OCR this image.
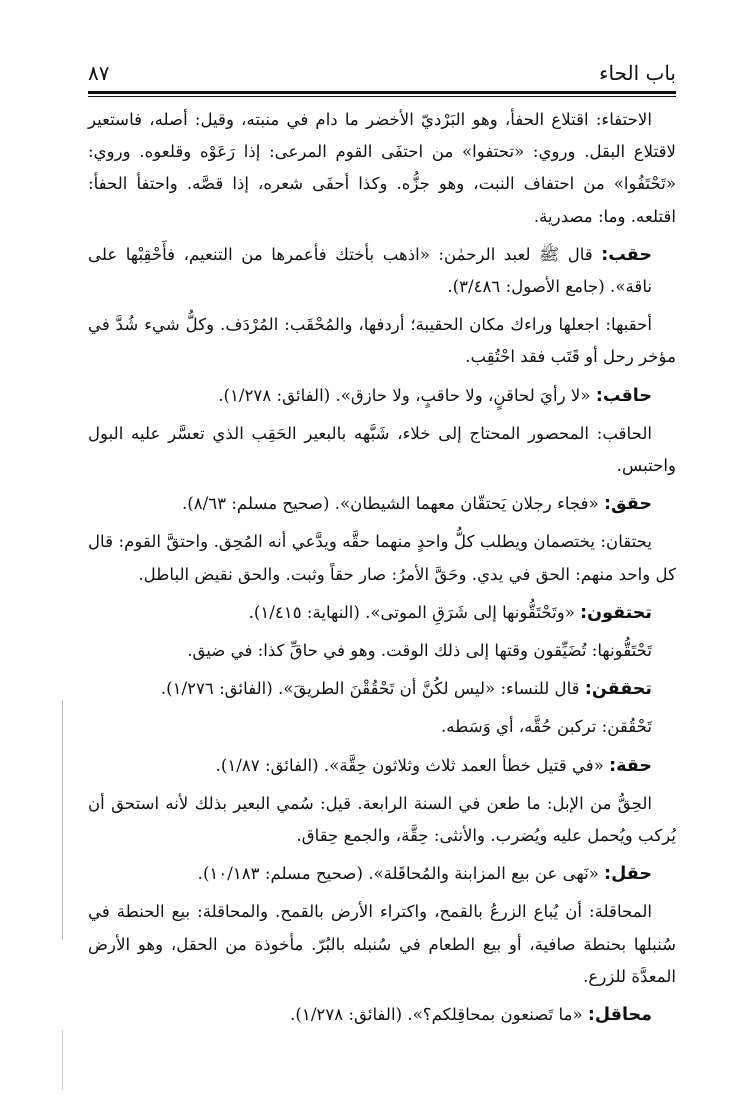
باب الحاء
٨٧

الاحتفاء: اقتلاع الحفأ، وهو البَرْديّ الأخضر ما دام في منبته، وقيل: أصله، فاستعير لاقتلاع البقل. وروي: «تحتفوا» من احتفَى القوم المرعى: إذا رَعَوْه وقلعوه. وروي: «تَحْتَفُوا» من احتفاف النبت، وهو جزُّه. وكذا أحفَى شعره، إذا قصَّه. واحتفأ الحفأ: اقتلعه. وما: مصدرية.

حقب: قال ﷺ لعبد الرحمٰن: «اذهب بأختك فأعمرها من التنعيم، فأَحْقِبْها على ناقة». (جامع الأصول: ٣/٤٨٦).

أحقبها: اجعلها وراءك مكان الحقيبة؛ أردفها، والمُحْقَب: المُرْدَف. وكلُّ شيء شُدَّ في مؤخر رحل أو قَتَب فقد احْتُقِب.

حاقب: «لا رأيَ لحاقنٍ، ولا حاقبٍ، ولا حازق». (الفائق: ١/٢٧٨).

الحاقب: المحصور المحتاج إلى خلاء، شَبَّهه بالبعير الحَقِب الذي تعسَّر عليه البول واحتبس.

حقق: «فجاء رجلان يَحتقّان معهما الشيطان». (صحيح مسلم: ٨/٦٣).

يحتقان: يختصمان ويطلب كلُّ واحدٍ منهما حقَّه ويدَّعي أنه المُحِق. واحتقَّ القوم: قال كل واحد منهم: الحق في يدي. وحَقَّ الأمرُ: صار حقاً وثبت. والحق نقيض الباطل.

تحتقون: «وتَحْتَقُّونها إلى شَرَقِ الموتى». (النهاية: ١/٤١٥).

تَحْتَقُّونها: تُضَيِّقون وقتها إلى ذلك الوقت. وهو في حاقِّ كذا: في ضيق.

تحققن: قال للنساء: «ليس لكُنَّ أن تَحْقُقْنَ الطريقَ». (الفائق: ١/٢٧٦).

تَحْقُقن: تركبن حُقَّه، أي وَسَطه.

حقة: «في قتيل خطأ العمد ثلاث وثلاثون حِقَّة». (الفائق: ١/٨٧).

الحِقُّ من الإبل: ما طعن في السنة الرابعة. قيل: سُمي البعير بذلك لأنه استحق أن يُركب ويُحمل عليه ويُضرب. والأنثى: حِقَّة، والجمع حِقاق.

حقل: «نَهى عن بيع المزابنة والمُحاقَلة». (صحيح مسلم: ١٠/١٨٣).

المحاقلة: أن يُباع الزرعُ بالقمح، واكتراء الأرض بالقمح. والمحاقلة: بيع الحنطة في سُنبلها بحنطة صافية، أو بيع الطعام في سُنبله بالبُرّ. مأخوذة من الحقل، وهو الأرض المعدَّة للزرع.

محاقل: «ما تَصنعون بمحاقِلكم؟». (الفائق: ١/٢٧٨).
